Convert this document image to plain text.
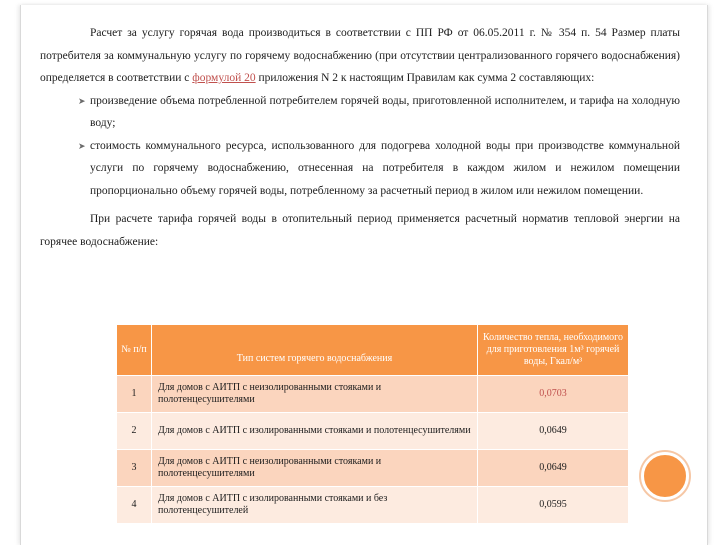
Расчет за услугу горячая вода производиться в соответствии с ПП РФ от 06.05.2011 г. № 354 п. 54 Размер платы потребителя за коммунальную услугу по горячему водоснабжению (при отсутствии централизованного горячего водоснабжения) определяется в соответствии с формулой 20 приложения N 2 к настоящим Правилам как сумма 2 составляющих:

➤ произведение объема потребленной потребителем горячей воды, приготовленной исполнителем, и тарифа на холодную воду;
➤ стоимость коммунального ресурса, использованного для подогрева холодной воды при производстве коммунальной услуги по горячему водоснабжению, отнесенная на потребителя в каждом жилом и нежилом помещении пропорционально объему горячей воды, потребленному за расчетный период в жилом или нежилом помещении.

При расчете тарифа горячей воды в отопительный период применяется расчетный норматив тепловой энергии на горячее водоснабжение:

№ п/п	Тип систем горячего водоснабжения	Количество тепла, необходимого для приготовления 1м³ горячей воды, Гкал/м³
1	Для домов с АИТП с неизолированными стояками и полотенцесушителями	0,0703
2	Для домов с АИТП с изолированными стояками и полотенцесушителями	0,0649
3	Для домов с АИТП с неизолированными стояками и полотенцесушителями	0,0649
4	Для домов с АИТП с изолированными стояками и без полотенцесушителей	0,0595
